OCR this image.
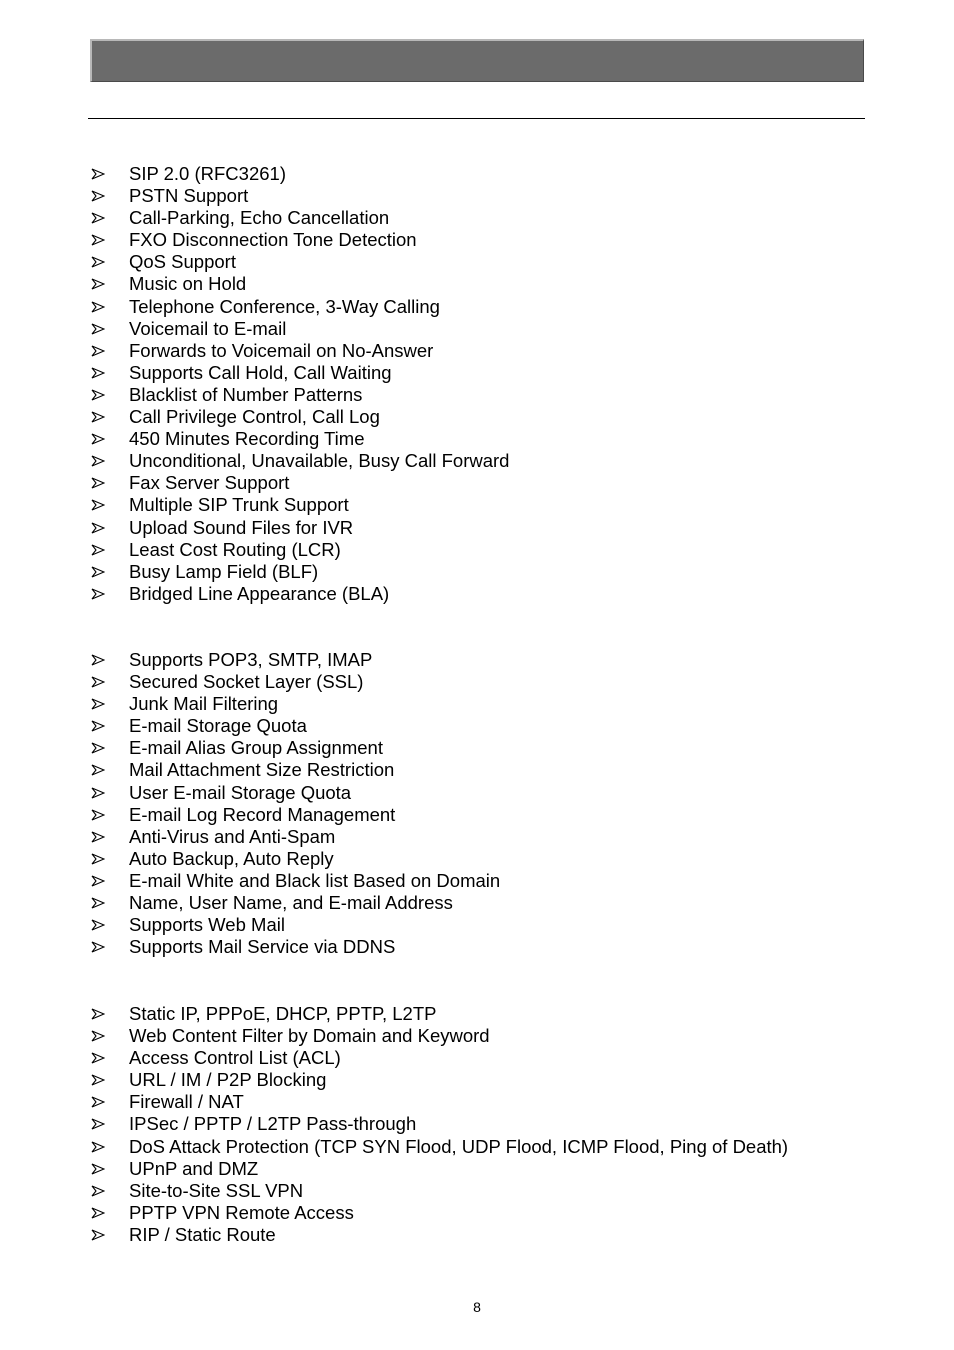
SIP 2.0 (RFC3261)
PSTN Support
Call-Parking, Echo Cancellation
FXO Disconnection Tone Detection
QoS Support
Music on Hold
Telephone Conference, 3-Way Calling
Voicemail to E-mail
Forwards to Voicemail on No-Answer
Supports Call Hold, Call Waiting
Blacklist of Number Patterns
Call Privilege Control, Call Log
450 Minutes Recording Time
Unconditional, Unavailable, Busy Call Forward
Fax Server Support
Multiple SIP Trunk Support
Upload Sound Files for IVR
Least Cost Routing (LCR)
Busy Lamp Field (BLF)
Bridged Line Appearance (BLA)
Supports POP3, SMTP, IMAP
Secured Socket Layer (SSL)
Junk Mail Filtering
E-mail Storage Quota
E-mail Alias Group Assignment
Mail Attachment Size Restriction
User E-mail Storage Quota
E-mail Log Record Management
Anti-Virus and Anti-Spam
Auto Backup, Auto Reply
E-mail White and Black list Based on Domain
Name, User Name, and E-mail Address
Supports Web Mail
Supports Mail Service via DDNS
Static IP, PPPoE, DHCP, PPTP, L2TP
Web Content Filter by Domain and Keyword
Access Control List (ACL)
URL / IM / P2P Blocking
Firewall / NAT
IPSec / PPTP / L2TP Pass-through
DoS Attack Protection (TCP SYN Flood, UDP Flood, ICMP Flood, Ping of Death)
UPnP and DMZ
Site-to-Site SSL VPN
PPTP VPN Remote Access
RIP / Static Route
8
